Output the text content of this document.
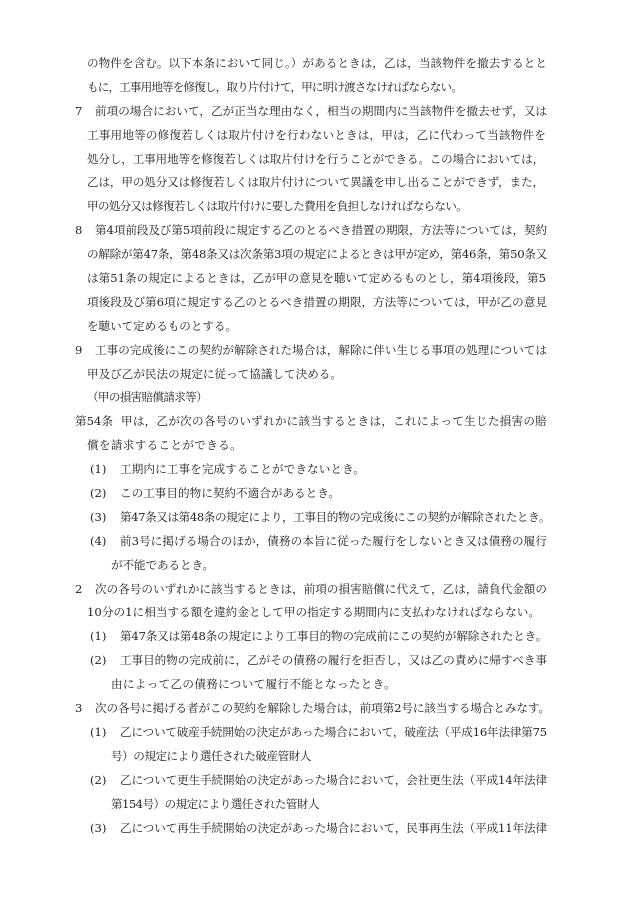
の物件を含む。以下本条において同じ。）があるときは，乙は，当該物件を撤去するとと
もに，工事用地等を修復し，取り片付けて，甲に明け渡さなければならない。
7 前項の場合において，乙が正当な理由なく，相当の期間内に当該物件を撤去せず，又は
工事用地等の修復若しくは取片付けを行わないときは，甲は，乙に代わって当該物件を
処分し，工事用地等を修復若しくは取片付けを行うことができる。この場合においては，
乙は，甲の処分又は修復若しくは取片付けについて異議を申し出ることができず，また，
甲の処分又は修復若しくは取片付けに要した費用を負担しなければならない。
8 第4項前段及び第5項前段に規定する乙のとるべき措置の期限，方法等については，契約
の解除が第47条，第48条又は次条第3項の規定によるときは甲が定め，第46条，第50条又
は第51条の規定によるときは，乙が甲の意見を聴いて定めるものとし，第4項後段，第5
項後段及び第6項に規定する乙のとるべき措置の期限，方法等については，甲が乙の意見
を聴いて定めるものとする。
9 工事の完成後にこの契約が解除された場合は，解除に伴い生じる事項の処理については
甲及び乙が民法の規定に従って協議して決める。
（甲の損害賠償請求等）
第54条 甲は，乙が次の各号のいずれかに該当するときは，これによって生じた損害の賠
償を請求することができる。
(1) 工期内に工事を完成することができないとき。
(2) この工事目的物に契約不適合があるとき。
(3) 第47条又は第48条の規定により，工事目的物の完成後にこの契約が解除されたとき。
(4) 前3号に掲げる場合のほか，債務の本旨に従った履行をしないとき又は債務の履行
が不能であるとき。
2 次の各号のいずれかに該当するときは，前項の損害賠償に代えて，乙は，請負代金額の
10分の1に相当する額を違約金として甲の指定する期間内に支払わなければならない。
(1) 第47条又は第48条の規定により工事目的物の完成前にこの契約が解除されたとき。
(2) 工事目的物の完成前に，乙がその債務の履行を拒否し，又は乙の責めに帰すべき事
由によって乙の債務について履行不能となったとき。
3 次の各号に掲げる者がこの契約を解除した場合は，前項第2号に該当する場合とみなす。
(1) 乙について破産手続開始の決定があった場合において，破産法（平成16年法律第75
号）の規定により選任された破産管財人
(2) 乙について更生手続開始の決定があった場合において，会社更生法（平成14年法律
第154号）の規定により選任された管財人
(3) 乙について再生手続開始の決定があった場合において，民事再生法（平成11年法律
